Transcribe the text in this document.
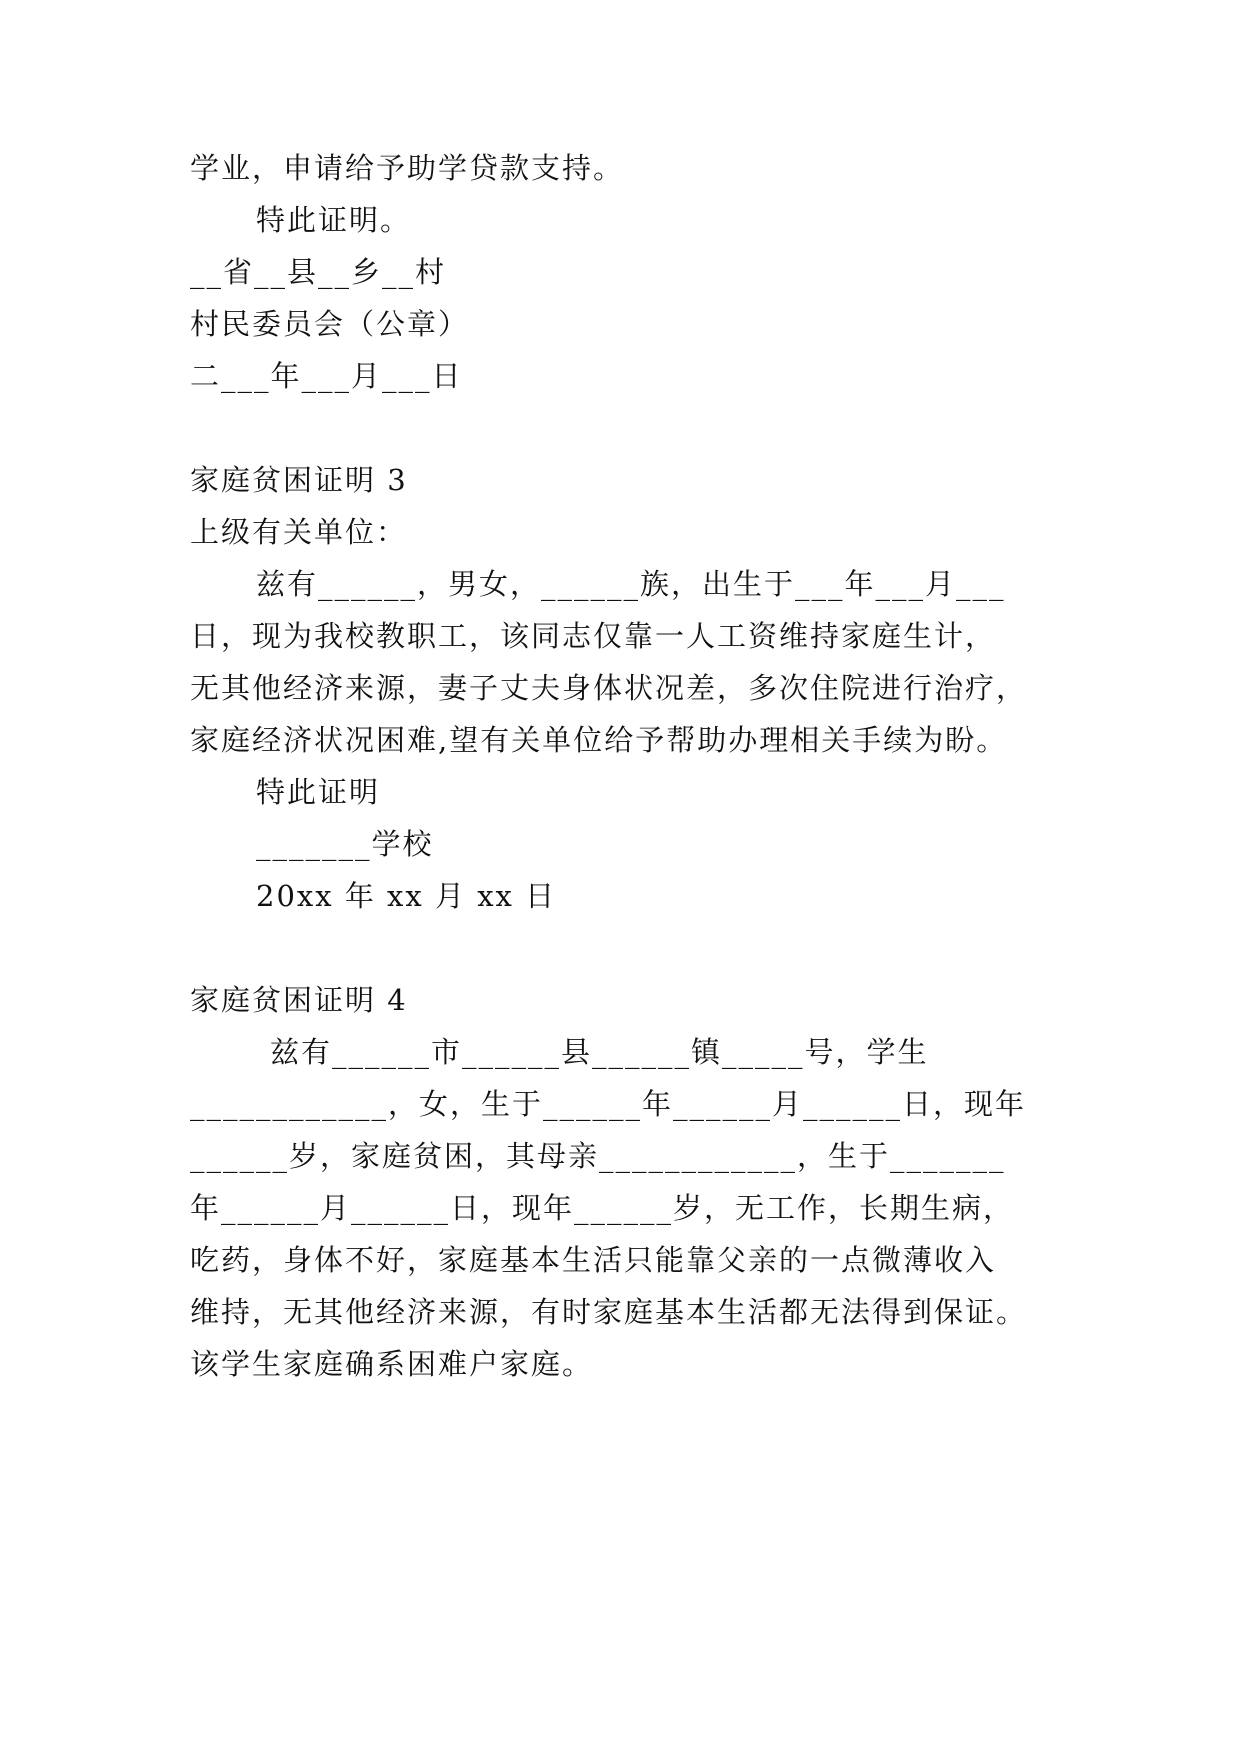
学业，申请给予助学贷款支持。
特此证明。
__省__县__乡__村
村民委员会（公章）
二___年___月___日
家庭贫困证明 3
上级有关单位：
兹有______，男女，______族，出生于___年___月___
日，现为我校教职工，该同志仅靠一人工资维持家庭生计，
无其他经济来源，妻子丈夫身体状况差，多次住院进行治疗，
家庭经济状况困难,望有关单位给予帮助办理相关手续为盼。
特此证明
_______学校
20xx 年 xx 月 xx 日
家庭贫困证明 4
兹有______市______县______镇_____号，学生
____________，女，生于______年______月______日，现年
______岁，家庭贫困，其母亲____________，生于_______
年______月______日，现年______岁，无工作，长期生病，
吃药，身体不好，家庭基本生活只能靠父亲的一点微薄收入
维持，无其他经济来源，有时家庭基本生活都无法得到保证。
该学生家庭确系困难户家庭。
